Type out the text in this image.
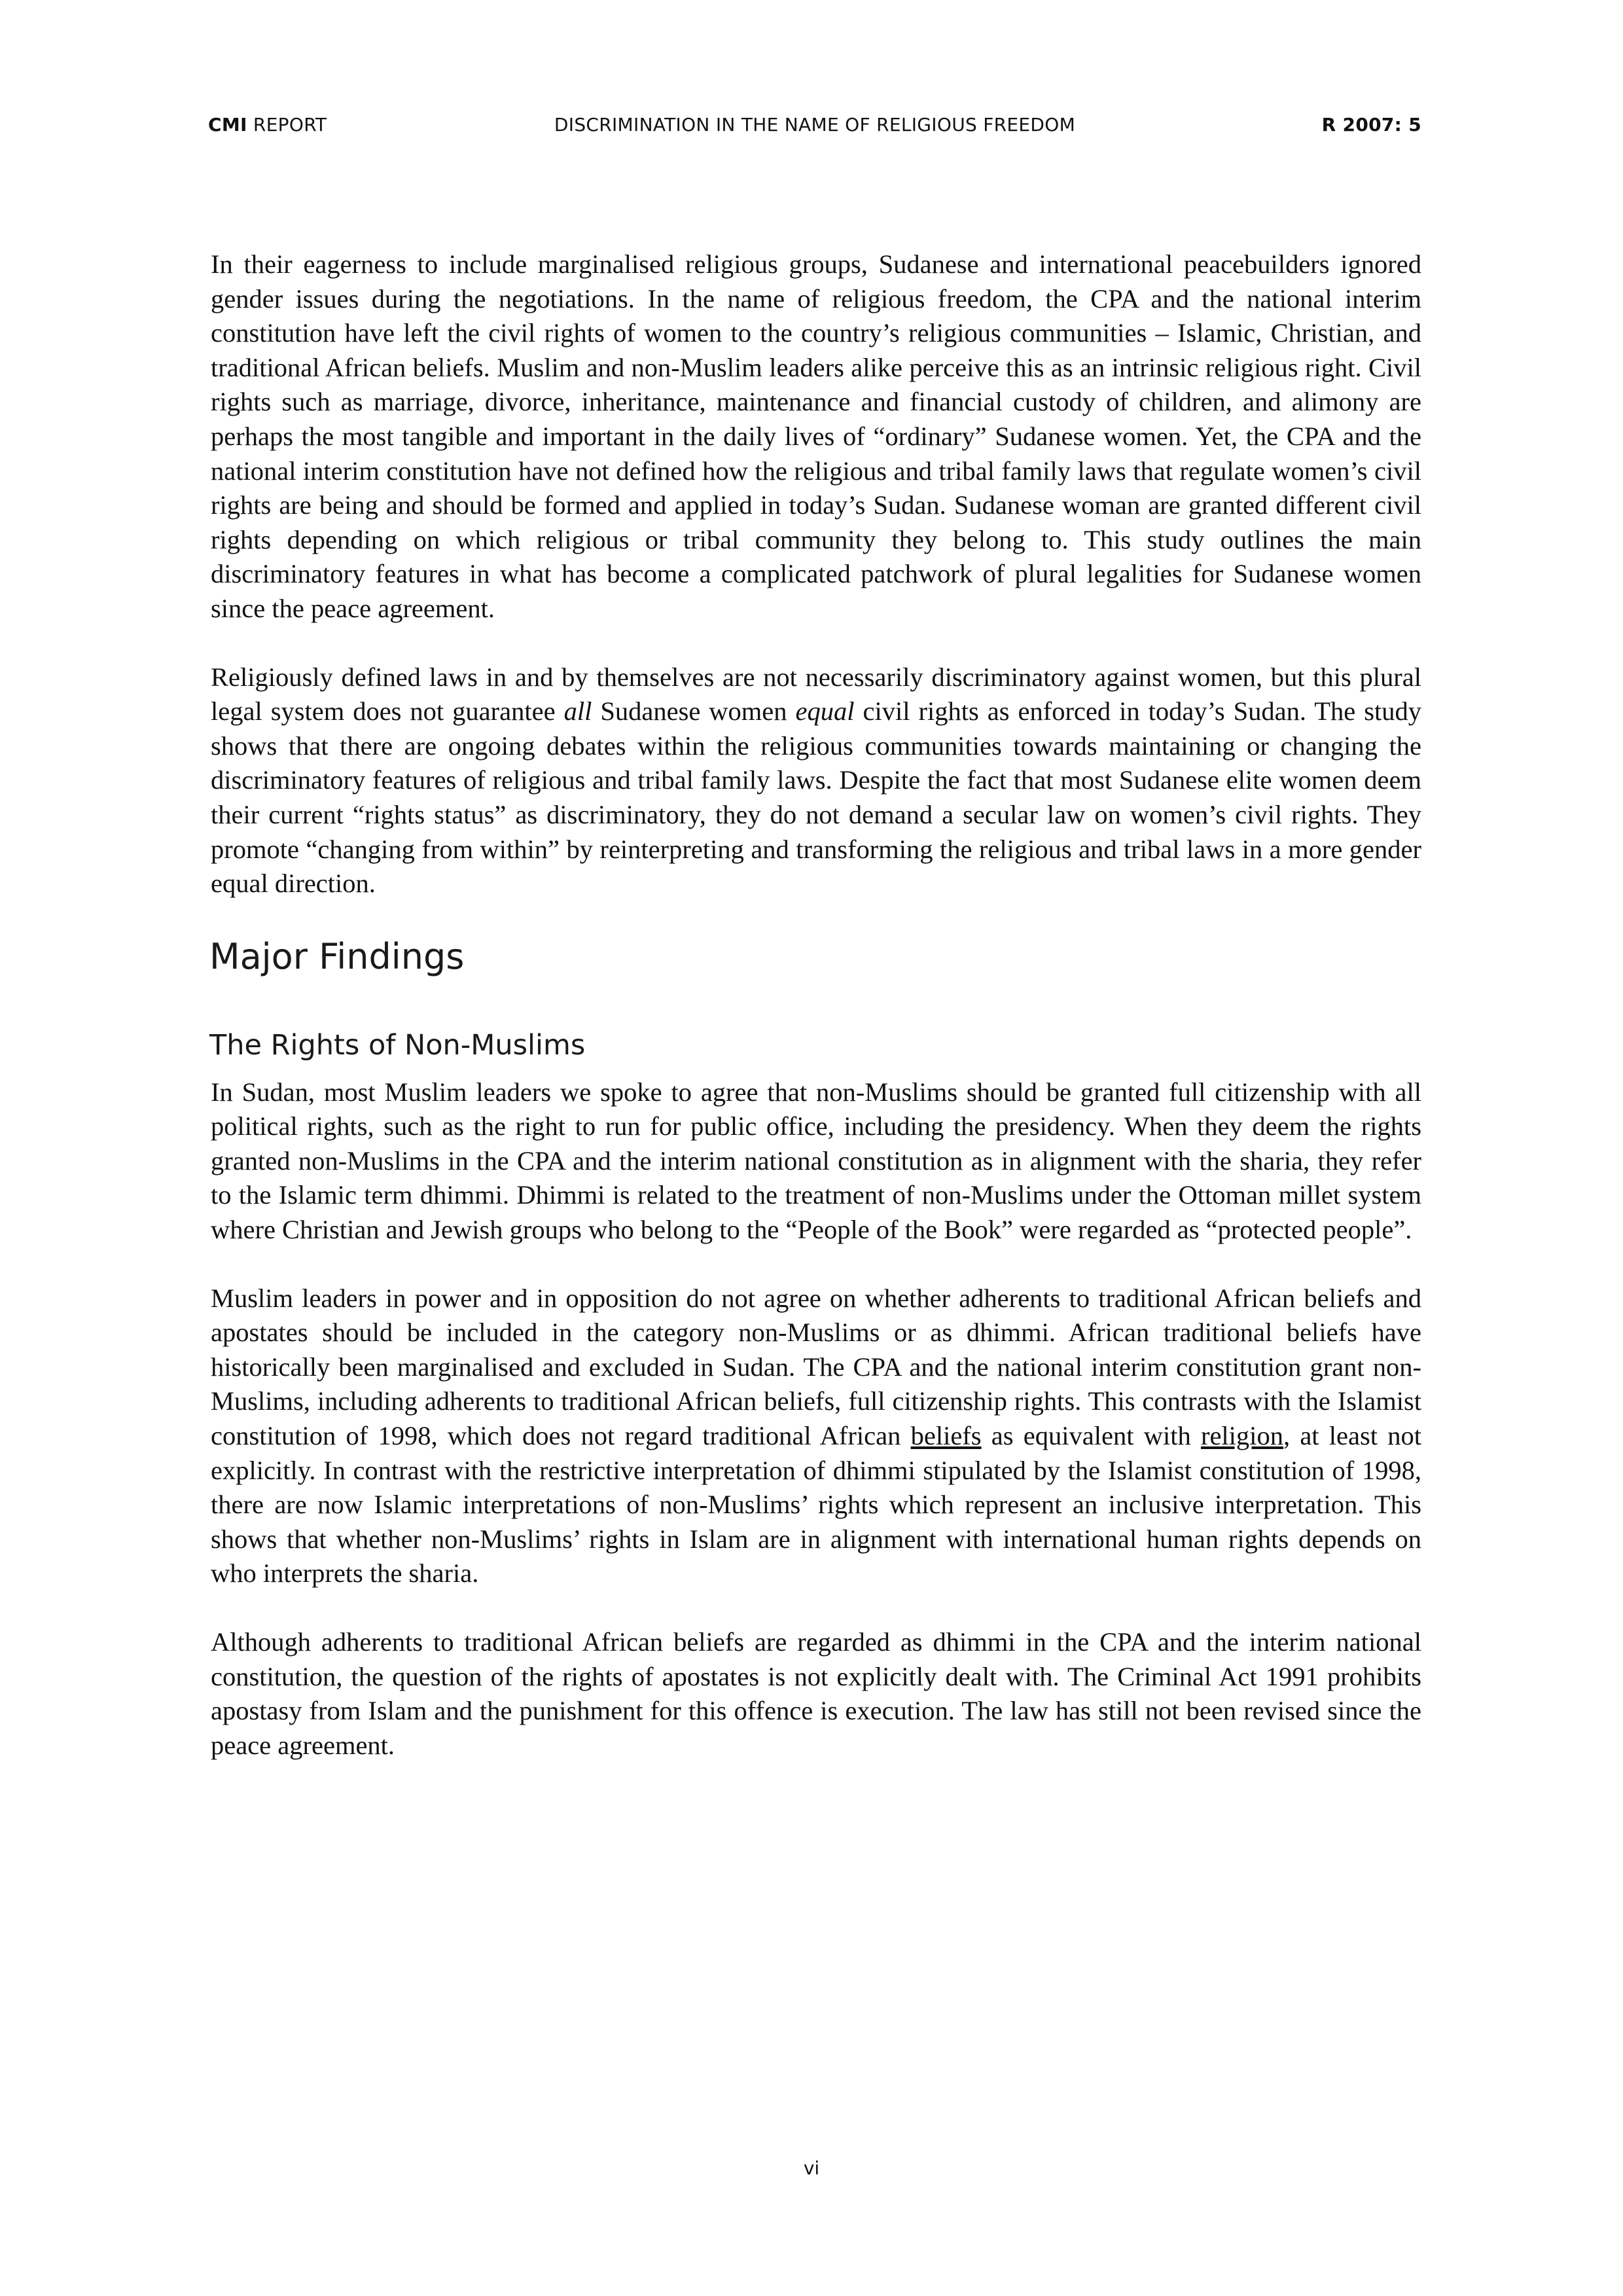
CMI REPORT	DISCRIMINATION IN THE NAME OF RELIGIOUS FREEDOM	R 2007: 5

In their eagerness to include marginalised religious groups, Sudanese and international peacebuilders ignored gender issues during the negotiations. In the name of religious freedom, the CPA and the national interim constitution have left the civil rights of women to the country’s religious communities – Islamic, Christian, and traditional African beliefs. Muslim and non-Muslim leaders alike perceive this as an intrinsic religious right. Civil rights such as marriage, divorce, inheritance, maintenance and financial custody of children, and alimony are perhaps the most tangible and important in the daily lives of “ordinary” Sudanese women. Yet, the CPA and the national interim constitution have not defined how the religious and tribal family laws that regulate women’s civil rights are being and should be formed and applied in today’s Sudan. Sudanese woman are granted different civil rights depending on which religious or tribal community they belong to. This study outlines the main discriminatory features in what has become a complicated patchwork of plural legalities for Sudanese women since the peace agreement.

Religiously defined laws in and by themselves are not necessarily discriminatory against women, but this plural legal system does not guarantee all Sudanese women equal civil rights as enforced in today’s Sudan. The study shows that there are ongoing debates within the religious communities towards maintaining or changing the discriminatory features of religious and tribal family laws. Despite the fact that most Sudanese elite women deem their current “rights status” as discriminatory, they do not demand a secular law on women’s civil rights. They promote “changing from within” by reinterpreting and transforming the religious and tribal laws in a more gender equal direction.

Major Findings
The Rights of Non-Muslims

In Sudan, most Muslim leaders we spoke to agree that non-Muslims should be granted full citizenship with all political rights, such as the right to run for public office, including the presidency. When they deem the rights granted non-Muslims in the CPA and the interim national constitution as in alignment with the sharia, they refer to the Islamic term dhimmi. Dhimmi is related to the treatment of non-Muslims under the Ottoman millet system where Christian and Jewish groups who belong to the “People of the Book” were regarded as “protected people”.

Muslim leaders in power and in opposition do not agree on whether adherents to traditional African beliefs and apostates should be included in the category non-Muslims or as dhimmi. African traditional beliefs have historically been marginalised and excluded in Sudan. The CPA and the national interim constitution grant non-Muslims, including adherents to traditional African beliefs, full citizenship rights. This contrasts with the Islamist constitution of 1998, which does not regard traditional African beliefs as equivalent with religion, at least not explicitly. In contrast with the restrictive interpretation of dhimmi stipulated by the Islamist constitution of 1998, there are now Islamic interpretations of non-Muslims’ rights which represent an inclusive interpretation. This shows that whether non-Muslims’ rights in Islam are in alignment with international human rights depends on who interprets the sharia.

Although adherents to traditional African beliefs are regarded as dhimmi in the CPA and the interim national constitution, the question of the rights of apostates is not explicitly dealt with. The Criminal Act 1991 prohibits apostasy from Islam and the punishment for this offence is execution. The law has still not been revised since the peace agreement.

vi
